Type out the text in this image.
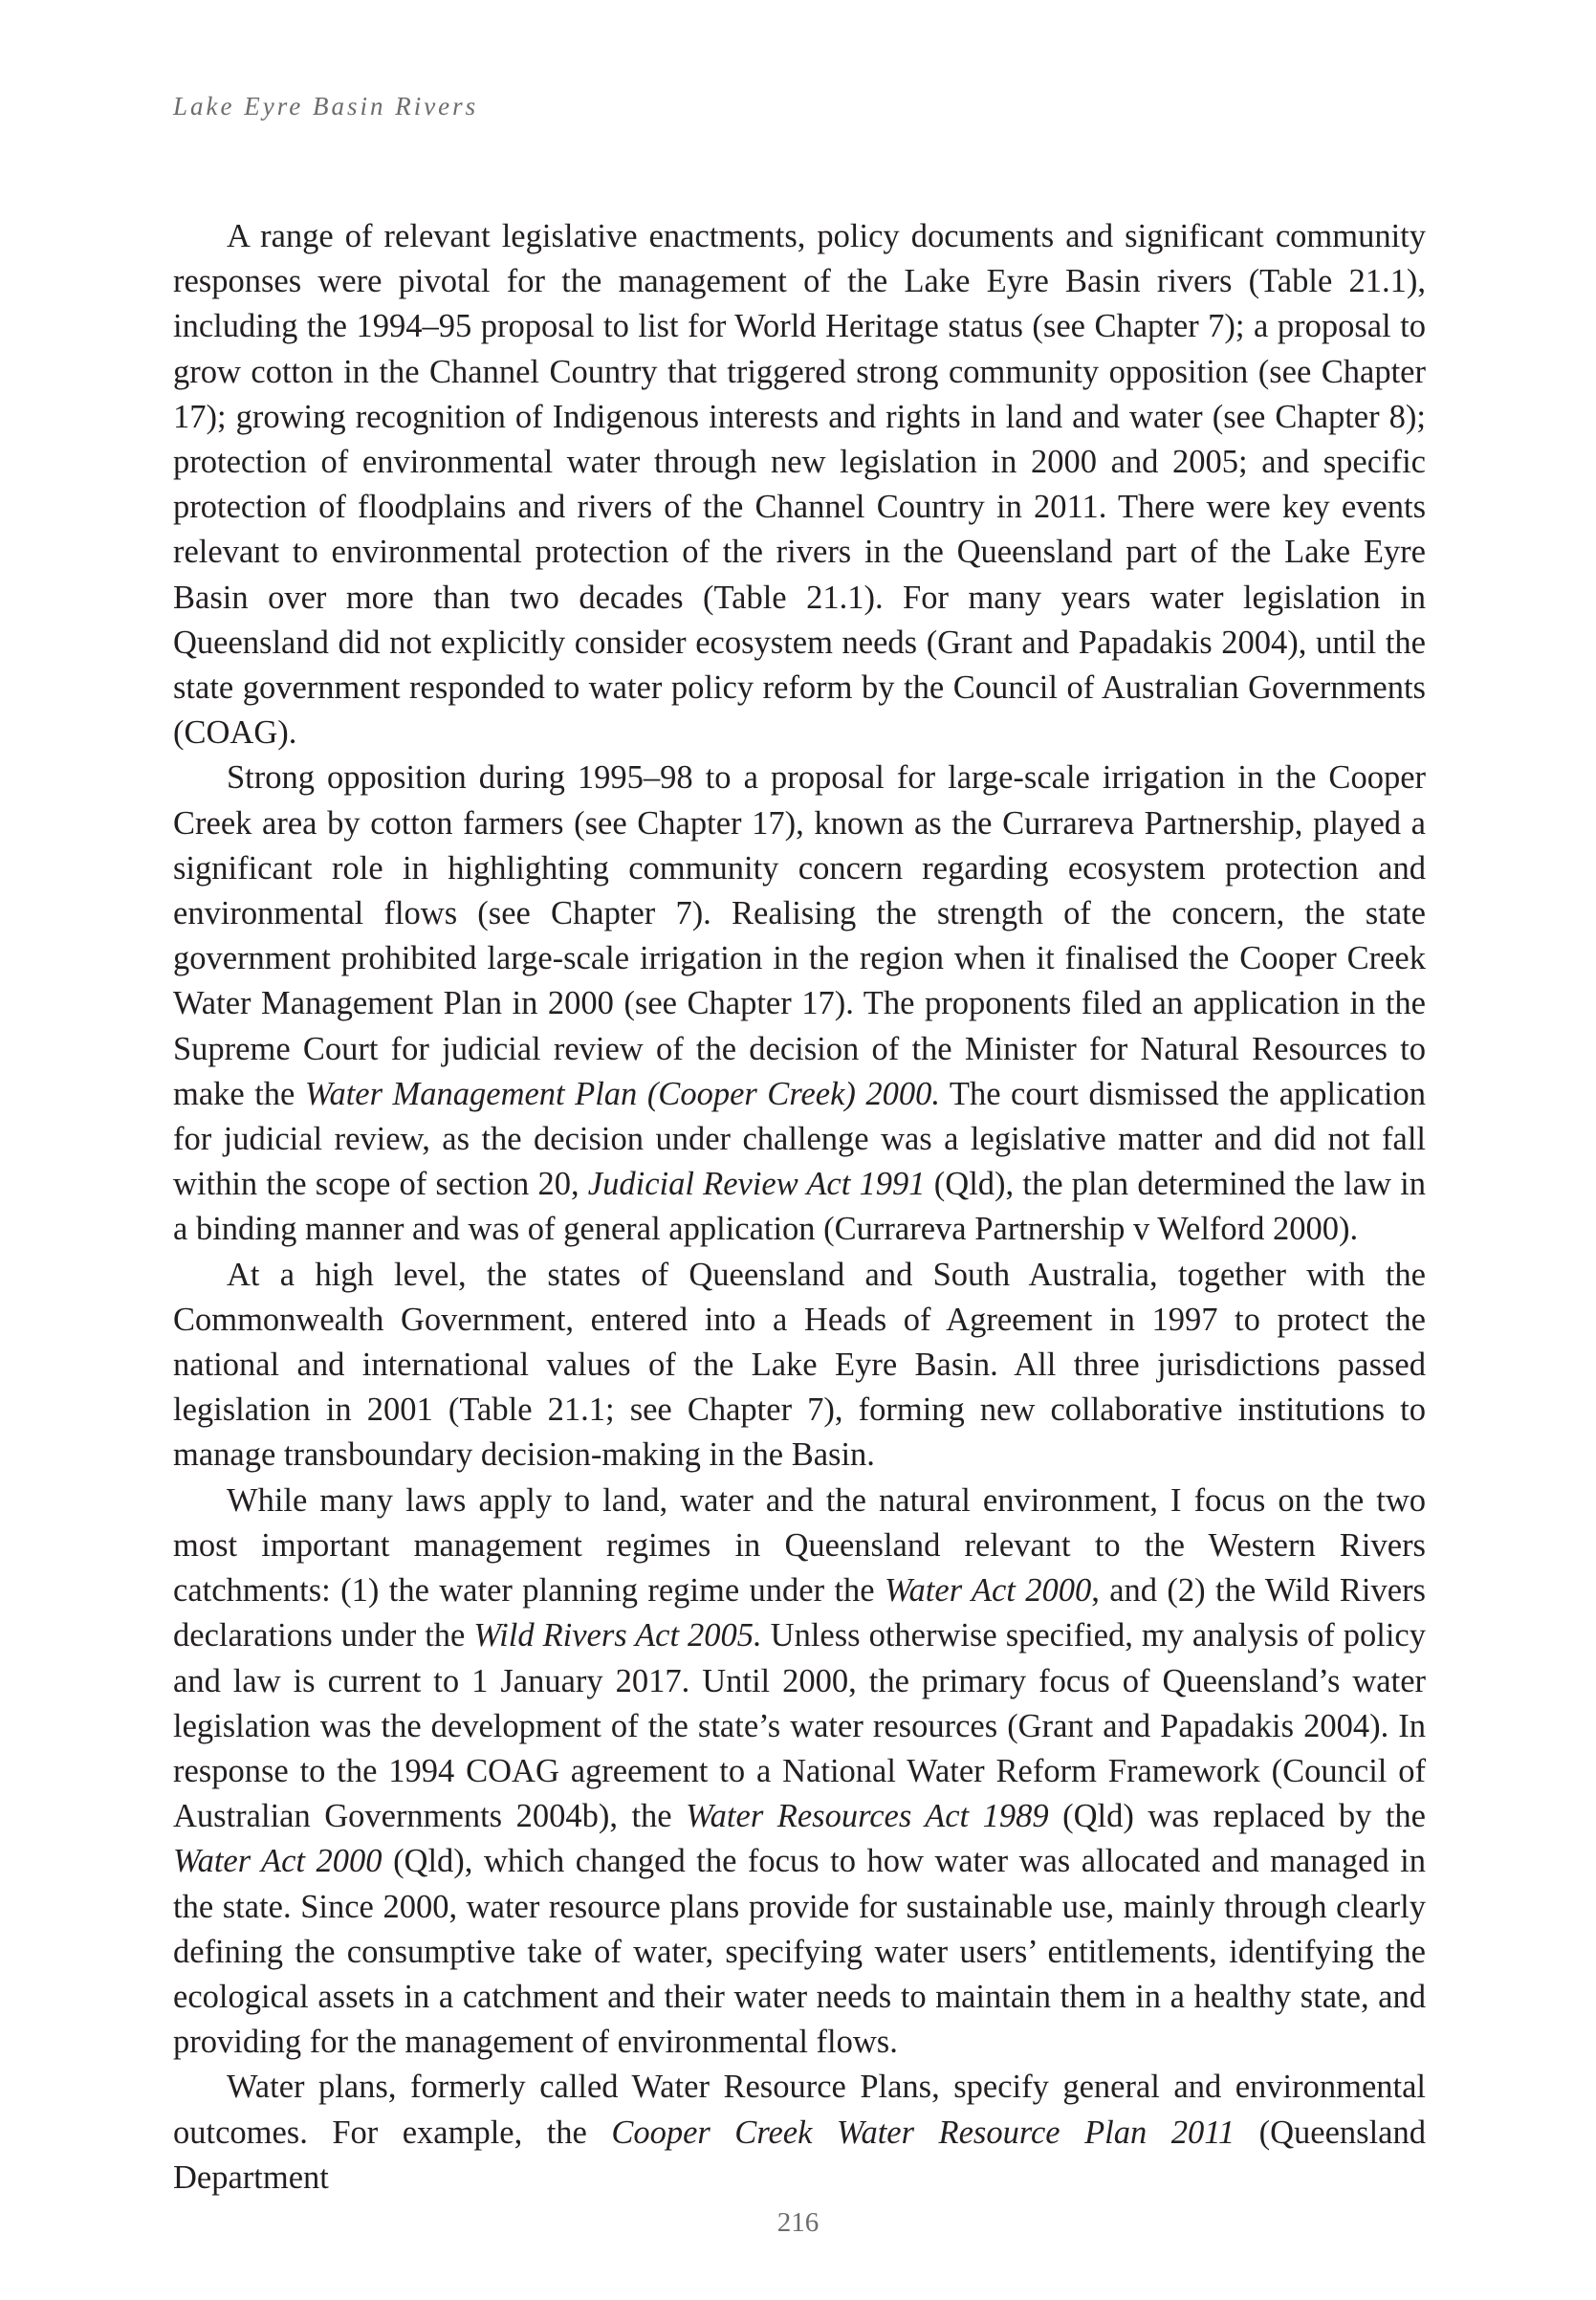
Lake Eyre Basin Rivers

A range of relevant legislative enactments, policy documents and significant community responses were pivotal for the management of the Lake Eyre Basin rivers (Table 21.1), including the 1994–95 proposal to list for World Heritage status (see Chapter 7); a proposal to grow cotton in the Channel Country that triggered strong community opposition (see Chapter 17); growing recognition of Indigenous interests and rights in land and water (see Chapter 8); protection of environmental water through new legislation in 2000 and 2005; and specific protection of floodplains and rivers of the Channel Country in 2011. There were key events relevant to environmental protection of the rivers in the Queensland part of the Lake Eyre Basin over more than two decades (Table 21.1). For many years water legislation in Queensland did not explicitly consider ecosystem needs (Grant and Papadakis 2004), until the state government responded to water policy reform by the Council of Australian Governments (COAG).

Strong opposition during 1995–98 to a proposal for large-scale irrigation in the Cooper Creek area by cotton farmers (see Chapter 17), known as the Currareva Partnership, played a significant role in highlighting community concern regarding ecosystem protection and environmental flows (see Chapter 7). Realising the strength of the concern, the state government prohibited large-scale irrigation in the region when it finalised the Cooper Creek Water Management Plan in 2000 (see Chapter 17). The proponents filed an application in the Supreme Court for judicial review of the decision of the Minister for Natural Resources to make the Water Management Plan (Cooper Creek) 2000. The court dismissed the application for judicial review, as the decision under challenge was a legislative matter and did not fall within the scope of section 20, Judicial Review Act 1991 (Qld), the plan determined the law in a binding manner and was of general application (Currareva Partnership v Welford 2000).

At a high level, the states of Queensland and South Australia, together with the Commonwealth Government, entered into a Heads of Agreement in 1997 to protect the national and international values of the Lake Eyre Basin. All three jurisdictions passed legislation in 2001 (Table 21.1; see Chapter 7), forming new collaborative institutions to manage transboundary decision-making in the Basin.

While many laws apply to land, water and the natural environment, I focus on the two most important management regimes in Queensland relevant to the Western Rivers catchments: (1) the water planning regime under the Water Act 2000, and (2) the Wild Rivers declarations under the Wild Rivers Act 2005. Unless otherwise specified, my analysis of policy and law is current to 1 January 2017. Until 2000, the primary focus of Queensland’s water legislation was the development of the state’s water resources (Grant and Papadakis 2004). In response to the 1994 COAG agreement to a National Water Reform Framework (Council of Australian Governments 2004b), the Water Resources Act 1989 (Qld) was replaced by the Water Act 2000 (Qld), which changed the focus to how water was allocated and managed in the state. Since 2000, water resource plans provide for sustainable use, mainly through clearly defining the consumptive take of water, specifying water users’ entitlements, identifying the ecological assets in a catchment and their water needs to maintain them in a healthy state, and providing for the management of environmental flows.

Water plans, formerly called Water Resource Plans, specify general and environmental outcomes. For example, the Cooper Creek Water Resource Plan 2011 (Queensland Department

216
